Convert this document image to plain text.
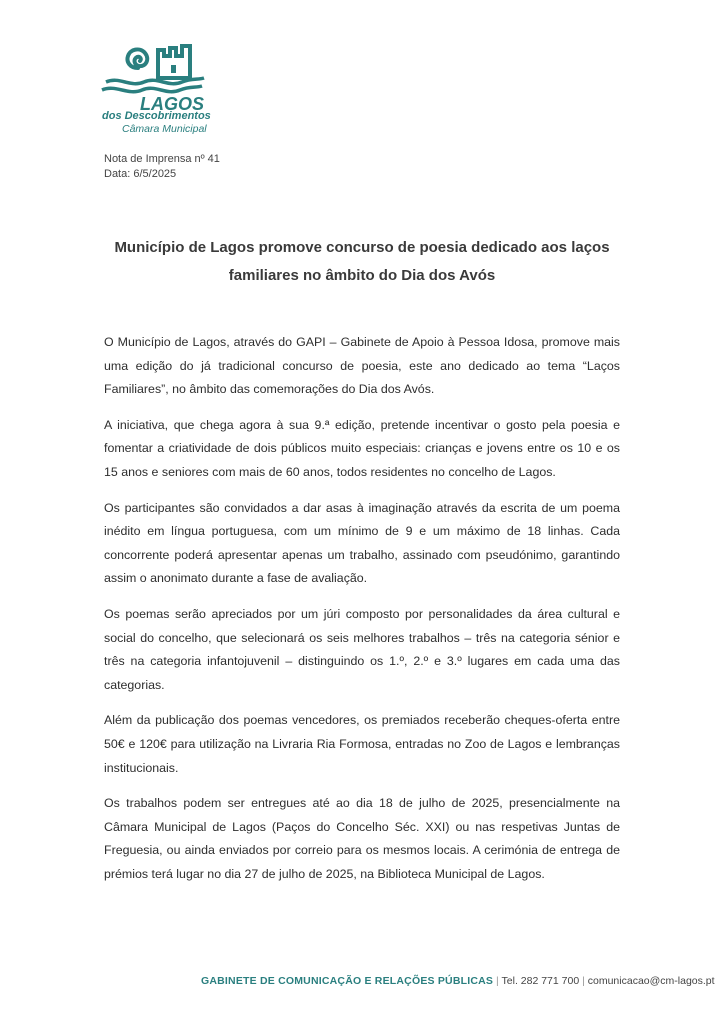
LAGOS
dos Descobrimentos
Câmara Municipal
Nota de Imprensa nº 41
Data: 6/5/2025
Município de Lagos promove concurso de poesia dedicado aos laços
familiares no âmbito do Dia dos Avós

O Município de Lagos, através do GAPI – Gabinete de Apoio à Pessoa Idosa, promove mais uma edição do já tradicional concurso de poesia, este ano dedicado ao tema “Laços Familiares”, no âmbito das comemorações do Dia dos Avós.

A iniciativa, que chega agora à sua 9.ª edição, pretende incentivar o gosto pela poesia e fomentar a criatividade de dois públicos muito especiais: crianças e jovens entre os 10 e os 15 anos e seniores com mais de 60 anos, todos residentes no concelho de Lagos.

Os participantes são convidados a dar asas à imaginação através da escrita de um poema inédito em língua portuguesa, com um mínimo de 9 e um máximo de 18 linhas. Cada concorrente poderá apresentar apenas um trabalho, assinado com pseudónimo, garantindo assim o anonimato durante a fase de avaliação.

Os poemas serão apreciados por um júri composto por personalidades da área cultural e social do concelho, que selecionará os seis melhores trabalhos – três na categoria sénior e três na categoria infantojuvenil – distinguindo os 1.º, 2.º e 3.º lugares em cada uma das categorias.

Além da publicação dos poemas vencedores, os premiados receberão cheques-oferta entre 50€ e 120€ para utilização na Livraria Ria Formosa, entradas no Zoo de Lagos e lembranças institucionais.

Os trabalhos podem ser entregues até ao dia 18 de julho de 2025, presencialmente na Câmara Municipal de Lagos (Paços do Concelho Séc. XXI) ou nas respetivas Juntas de Freguesia, ou ainda enviados por correio para os mesmos locais. A cerimónia de entrega de prémios terá lugar no dia 27 de julho de 2025, na Biblioteca Municipal de Lagos.

GABINETE DE COMUNICAÇÃO E RELAÇÕES PÚBLICAS | Tel. 282 771 700 | comunicacao@cm-lagos.pt
